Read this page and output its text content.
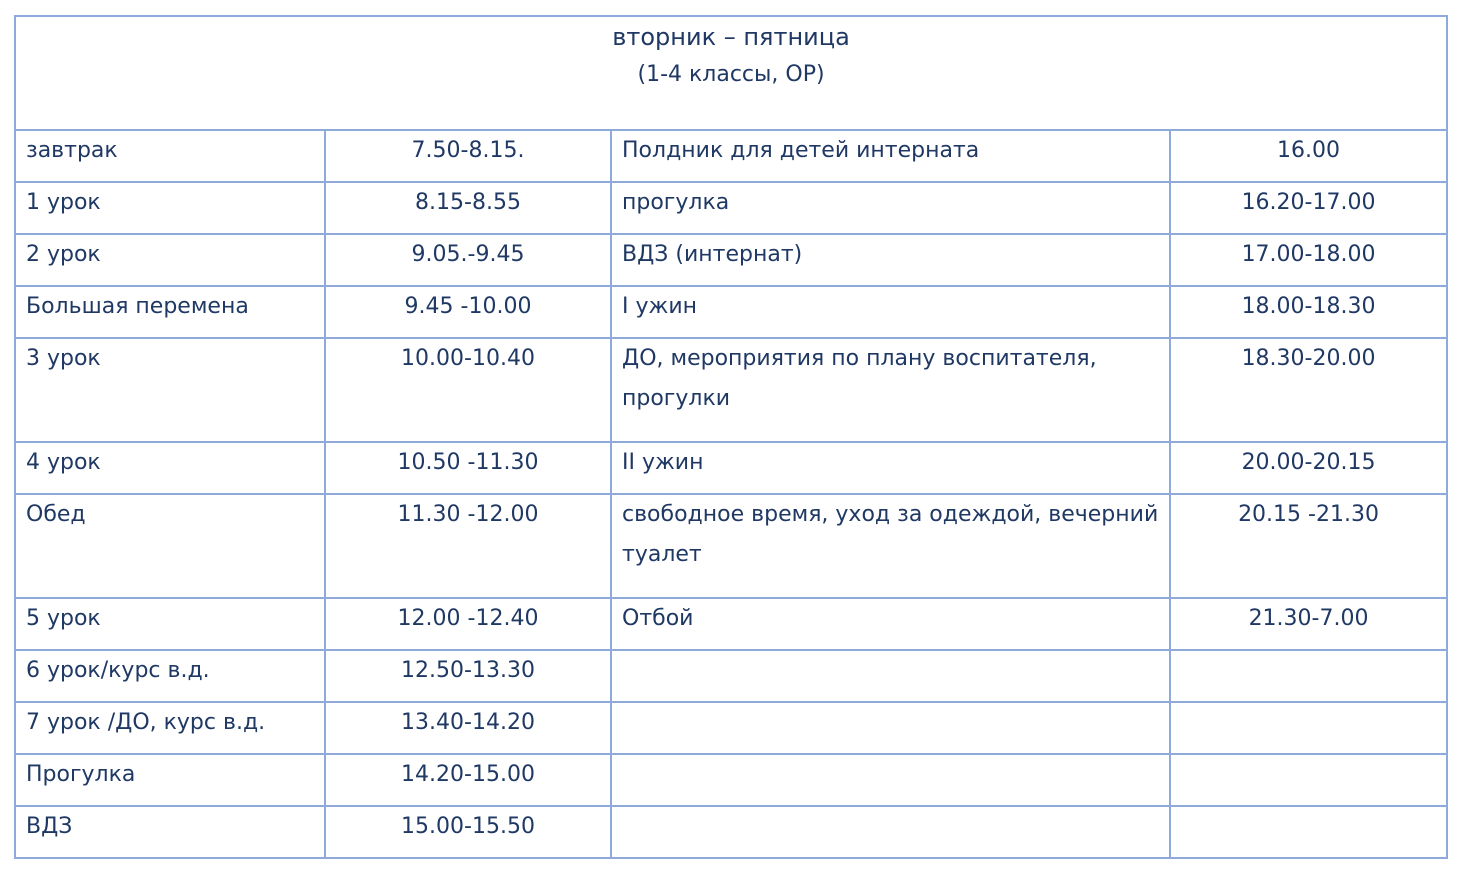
вторник – пятница
(1-4 классы, ОР)			

завтрак	7.50-8.15.	Полдник для детей интерната	16.00
1 урок	8.15-8.55	прогулка	16.20-17.00
2 урок	9.05.-9.45	ВДЗ (интернат)	17.00-18.00
Большая перемена	9.45 -10.00	I ужин	18.00-18.30
3 урок	10.00-10.40	ДО, мероприятия по плану воспитателя, прогулки	18.30-20.00
4 урок	10.50 -11.30	II ужин	20.00-20.15
Обед	11.30 -12.00	свободное время, уход за одеждой, вечерний туалет	20.15 -21.30
5 урок	12.00 -12.40	Отбой	21.30-7.00
6 урок/курс в.д.	12.50-13.30		
7 урок /ДО, курс в.д.	13.40-14.20		
Прогулка	14.20-15.00		
ВДЗ	15.00-15.50		
